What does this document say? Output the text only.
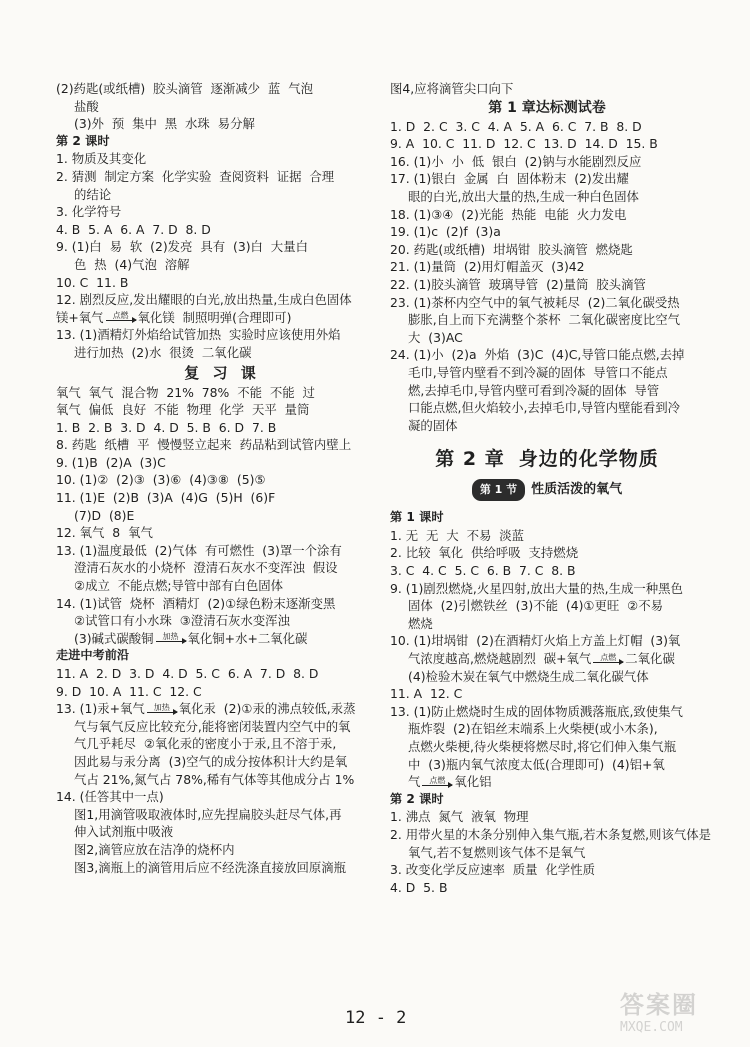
(2)药匙(或纸槽)  胶头滴管  逐渐减少  蓝  气泡
盐酸
(3)外  预  集中  黑  水珠  易分解
第 2 课时
1. 物质及其变化
2. 猜测  制定方案  化学实验  查阅资料  证据  合理
的结论
3. 化学符号
4. B  5. A  6. A  7. D  8. D
9. (1)白  易  软  (2)发亮  具有  (3)白  大量白
色  热  (4)气泡  溶解
10. C  11. B
12. 剧烈反应,发出耀眼的白光,放出热量,生成白色固体
镁+氧气 点燃 氧化镁  制照明弹(合理即可)
13. (1)酒精灯外焰给试管加热  实验时应该使用外焰
进行加热  (2)水  很烫  二氧化碳
复 习 课
氧气  氧气  混合物  21%  78%  不能  不能  过
氧气  偏低  良好  不能  物理  化学  天平  量筒
1. B  2. B  3. D  4. D  5. B  6. D  7. B
8. 药匙  纸槽  平  慢慢竖立起来  药品粘到试管内壁上
9. (1)B  (2)A  (3)C
10. (1)②  (2)③  (3)⑥  (4)③⑧  (5)⑤
11. (1)E  (2)B  (3)A  (4)G  (5)H  (6)F
(7)D  (8)E
12. 氧气  8  氧气
13. (1)温度最低  (2)气体  有可燃性  (3)罩一个涂有
澄清石灰水的小烧杯  澄清石灰水不变浑浊  假设
②成立  不能点燃;导管中部有白色固体
14. (1)试管  烧杯  酒精灯  (2)①绿色粉末逐渐变黑
②试管口有小水珠  ③澄清石灰水变浑浊
(3)碱式碳酸铜 加热 氧化铜+水+二氧化碳
走进中考前沿
11. A  2. D  3. D  4. D  5. C  6. A  7. D  8. D
9. D  10. A  11. C  12. C
13. (1)汞+氧气 加热 氧化汞  (2)①汞的沸点较低,汞蒸
气与氧气反应比较充分,能将密闭装置内空气中的氧
气几乎耗尽  ②氧化汞的密度小于汞,且不溶于汞,
因此易与汞分离  (3)空气的成分按体积计大约是氧
气占 21%,氮气占 78%,稀有气体等其他成分占 1%
14. (任答其中一点)
图1,用滴管吸取液体时,应先捏扁胶头赶尽气体,再
伸入试剂瓶中吸液
图2,滴管应放在洁净的烧杯内
图3,滴瓶上的滴管用后应不经洗涤直接放回原滴瓶
图4,应将滴管尖口向下
第 1 章达标测试卷
1. D  2. C  3. C  4. A  5. A  6. C  7. B  8. D
9. A  10. C  11. D  12. C  13. D  14. D  15. B
16. (1)小  小  低  银白  (2)钠与水能剧烈反应
17. (1)银白  金属  白  固体粉末  (2)发出耀
眼的白光,放出大量的热,生成一种白色固体
18. (1)③④  (2)光能  热能  电能  火力发电
19. (1)c  (2)f  (3)a
20. 药匙(或纸槽)  坩埚钳  胶头滴管  燃烧匙
21. (1)量筒  (2)用灯帽盖灭  (3)42
22. (1)胶头滴管  玻璃导管  (2)量筒  胶头滴管
23. (1)茶杯内空气中的氧气被耗尽  (2)二氧化碳受热
膨胀,自上而下充满整个茶杯  二氧化碳密度比空气
大  (3)AC
24. (1)小  (2)a  外焰  (3)C  (4)C,导管口能点燃,去掉
毛巾,导管内壁看不到冷凝的固体  导管口不能点
燃,去掉毛巾,导管内壁可看到冷凝的固体  导管
口能点燃,但火焰较小,去掉毛巾,导管内壁能看到冷
凝的固体
第 2 章 身边的化学物质
第 1 节 性质活泼的氧气
第 1 课时
1. 无  无  大  不易  淡蓝
2. 比较  氧化  供给呼吸  支持燃烧
3. C  4. C  5. C  6. B  7. C  8. B
9. (1)剧烈燃烧,火星四射,放出大量的热,生成一种黑色
固体  (2)引燃铁丝  (3)不能  (4)①更旺  ②不易
燃烧
10. (1)坩埚钳  (2)在酒精灯火焰上方盖上灯帽  (3)氧
气浓度越高,燃烧越剧烈  碳+氧气 点燃 二氧化碳
(4)检验木炭在氧气中燃烧生成二氧化碳气体
11. A  12. C
13. (1)防止燃烧时生成的固体物质溅落瓶底,致使集气
瓶炸裂  (2)在铝丝末端系上火柴梗(或小木条),
点燃火柴梗,待火柴梗将燃尽时,将它们伸入集气瓶
中  (3)瓶内氧气浓度太低(合理即可)  (4)铝+氧
气 点燃 氧化铝
第 2 课时
1. 沸点  氮气  液氧  物理
2. 用带火星的木条分别伸入集气瓶,若木条复燃,则该气体是
氧气,若不复燃则该气体不是氧气
3. 改变化学反应速率  质量  化学性质
4. D  5. B
12 - 2	答案圈
MXQE.COM
